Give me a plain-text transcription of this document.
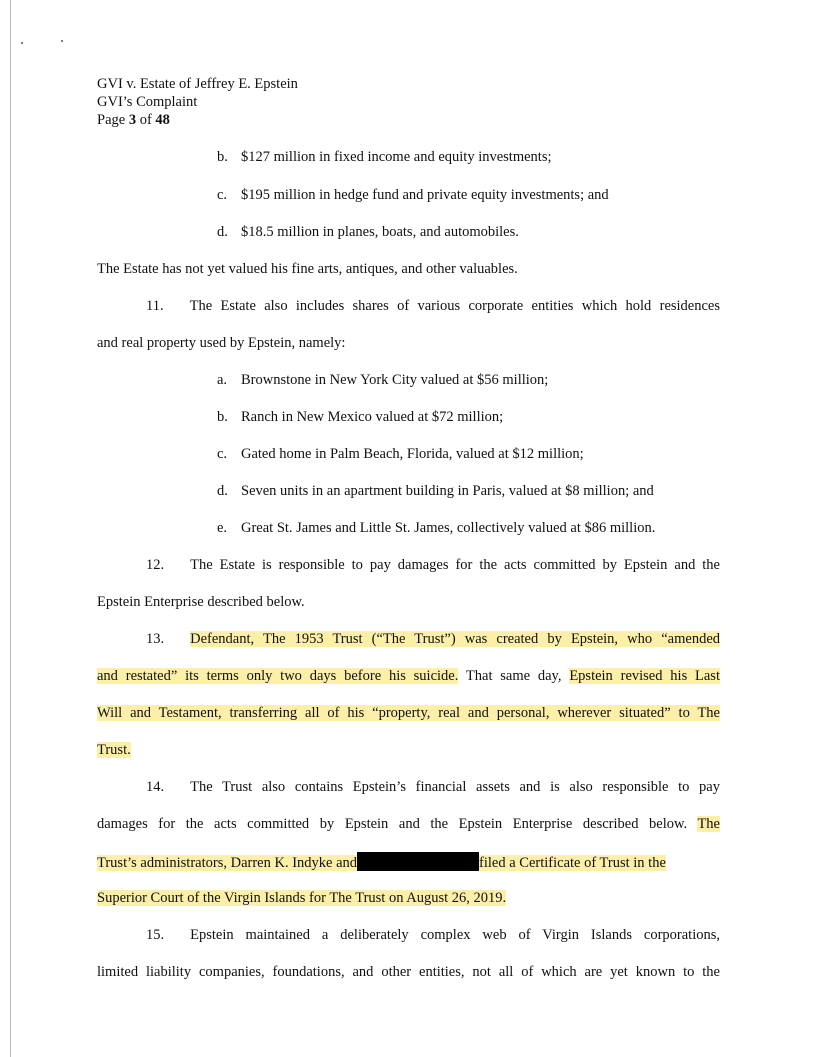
GVI v. Estate of Jeffrey E. Epstein
GVI’s Complaint
Page 3 of 48
b. $127 million in fixed income and equity investments;
c. $195 million in hedge fund and private equity investments; and
d. $18.5 million in planes, boats, and automobiles.
The Estate has not yet valued his fine arts, antiques, and other valuables.
11. The Estate also includes shares of various corporate entities which hold residences
and real property used by Epstein, namely:
a. Brownstone in New York City valued at $56 million;
b. Ranch in New Mexico valued at $72 million;
c. Gated home in Palm Beach, Florida, valued at $12 million;
d. Seven units in an apartment building in Paris, valued at $8 million; and
e. Great St. James and Little St. James, collectively valued at $86 million.
12. The Estate is responsible to pay damages for the acts committed by Epstein and the
Epstein Enterprise described below.
13. Defendant, The 1953 Trust (“The Trust”) was created by Epstein, who “amended
and restated” its terms only two days before his suicide. That same day, Epstein revised his Last
Will and Testament, transferring all of his “property, real and personal, wherever situated” to The
Trust.
14. The Trust also contains Epstein’s financial assets and is also responsible to pay
damages for the acts committed by Epstein and the Epstein Enterprise described below. The
Trust’s administrators, Darren K. Indyke and	filed a Certificate of Trust in the
Superior Court of the Virgin Islands for The Trust on August 26, 2019.
15. Epstein maintained a deliberately complex web of Virgin Islands corporations,
limited liability companies, foundations, and other entities, not all of which are yet known to the
